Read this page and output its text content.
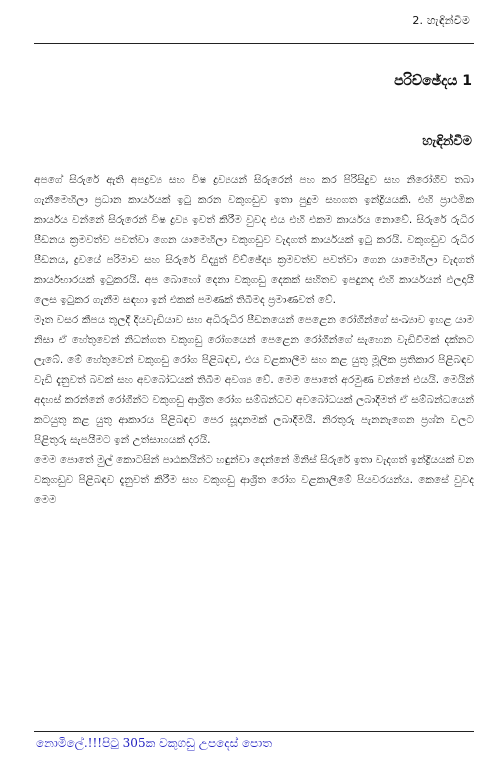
2. හැඳින්වීම
පරිච්ඡේදය 1
හැඳින්වීම

අපගේ සිරුරේ ඇති අපද්‍රව්‍ය සහ විෂ ද්‍රව්‍යයන් සිරුරෙන් පහ කර පිරිසිදුව සහ නිරෝගීව තබා ගැනීමෙහිලා ප්‍රධාන කාර්යයක් ඉටු කරන වකුගඩුව ඉතා පුදුම සහගත ඉන්ද්‍රියයකි. එහි ප්‍රාථමික කාර්යය වන්නේ සිරුරෙන් විෂ ද්‍රව්‍ය ඉවත් කිරීම වුවද එය එහි එකම කාර්යය නොවේ. සිරුරේ රුධිර පීඩනය ක්‍රමවත්ව පවත්වා ගෙන යාමෙහිලා වකුගඩුව වැදගත් කාර්යයක් ඉටු කරයි. වකුගඩුව රුධිර පීඩනය, ද්‍රවයේ පරිමාව සහ සිරුරේ විද්‍යුත් විච්ඡේද්‍ය ක්‍රමවත්ව පවත්වා ගෙන යාමෙහිලා වැදගත් කාර්යභාරයක් ඉටුකරයි. අප බොහෝ දෙනා වකුගඩු දෙකක් සහිතව ඉපදුනද එහි කාර්යයන් ඵලදායී ලෙස ඉටුකර ගැනීම සඳහා ඉන් එකක් පමණක් තිබීමද ප්‍රමාණවත් වේ.

මෑත වසර කීපය තුලදී දියවැඩියාව සහ අධිරුධිර පීඩනයෙන් පෙළෙන රෝගීන්ගේ සංඛ්‍යාව ඉහළ යාම නිසා ඒ හේතුවෙන් නිධන්ගත වකුගඩු රෝගයෙන් පෙළෙන රෝගීන්ගේ සැහෙන වැඩිවීමක් දක්නට ලැබේ. මේ හේතුවෙන් වකුගඩු රෝග පිළිබඳව, එය වළකාලීම සහ කළ යුතු මූලික ප්‍රතිකාර පිළිබඳව වැඩි දැනුවත් බවක් සහ අවබෝධයක් තිබීම අවශ්‍ය වේ. මෙම පොතේ අරමුණ වන්නේ එයයි. මෙයින් අදහස් කරන්නේ රෝගීන්ට වකුගඩු ආශ්‍රිත රෝග සම්බන්ධව අවබෝධයක් ලබාදීමත් ඒ සම්බන්ධයෙන් කටයුතු කළ යුතු ආකාරය පිළිබඳව පෙර සූදානමක් ලබාදීමයි. නිරතුරු පැනනැගෙන ප්‍රශ්න වලට පිළිතුරු සැපයීමට ඉන් උත්සාහයක් දරයි.

මෙම පොතේ මුල් කොටසින් පාඨකයින්ට හඳුන්වා දෙන්නේ මිනිස් සිරුරේ ඉතා වැදගත් ඉන්ද්‍රියයක් වන වකුගඩුව පිළිබඳව දැනුවත් කිරීම සහ වකුගඩු ආශ්‍රිත රෝග වළකාලීමේ පියවරයන්ය. කෙසේ වුවද මෙම

නොමිලේ.!!!පිටු 305ක වකුගඩු උපදෙස් පොත
